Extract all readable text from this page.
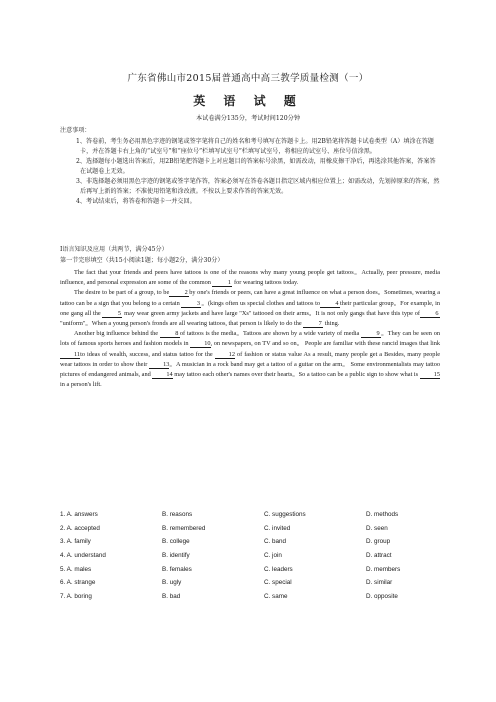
广东省佛山市2015届普通高中高三教学质量检测（一）
英 语 试 题
本试卷满分135分，考试时间120分钟
注意事项：

1、答卷前，考生务必用黑色字迹的钢笔或签字笔将自己的姓名和考号填写在答题卡上。用2B铅笔将答题卡试卷类型（A）填涂在答题卡，并在答题卡右上角的“试室号”和“座位号”栏填写试室号”栏填写试室号，将相应的试室号、座位号信涂黑。

2、选择题每小题选出答案后，用2B铅笔把答题卡上对应题目的答案标号涂黑，如需改动，用橡皮擦干净后，再选涂其他答案，答案答在试题卷上无效。

3、非选择题必须用黑色字迹的钢笔或签字笔作答，答案必须写在答卷各题目指定区域内相应位置上；如需改动，先划掉原来的答案，然后再写上新的答案；不准使用铅笔和涂改液。不按以上要求作答的答案无效。

4、考试结束后，将答卷和答题卡一并交回。

I语言知识及应用（共两节，满分45分）
第一节完形填空（共15小阅读1题；每小题2分，满分30分）

The fact that your friends and peers have tattoos is one of the reasons why many young people get tattoos。Actually, peer pressure, media influence, and personal expression are some of the common 1 for wearing tattoos today.

The desire to be part of a group, to be 2by one's friends or peers, can have a great influence on what a person does。Sometimes, wearing a tattoo can be a sign that you belong to a certain 3。(kings often us special clothes and tattoos to 4their particular group。For example, in one gang all the 5 may wear green army jackets and have large "Xs" tattooed on their arms。It is not only gangs that have this type of 6 "uniform"。When a young person's fronds are all wearing tattoos, that person is likely to do the 7 thing.

Another big influence behind the 8of tattoos is the media。Tattoos are shown by a wide variety of media 9。They can be seen on lots of famous sports heroes and fashion models in 10, on newspapers, on TV and so on。 People are familiar with these rancid images that link 11to ideas of wealth, success, and status tattoo for the 12 of fashion or status value As a result, many people get a Besides, many people wear tattoos in order to show their 13。A musician in a rock band may get a tattoo of a guitar on the arm。 Some environmentalists may tattoo pictures of endangered animals, and 14 may tattoo each other's names over their hearts。So a tattoo can be a public sign to show what is 15in a person's lift.

1. A. answers	B. reasons	C. suggestions	D. methods
2. A. accepted	B. remembered	C. invited	D. seen
3. A. family	B. college	C. band	D. group
4. A. understand	B. identify	C. join	D. attract
5. A. males	B. females	C. leaders	D. members
6. A. strange	B. ugly	C. special	D. similar
7. A. boring	B. bad	C. same	D. opposite
